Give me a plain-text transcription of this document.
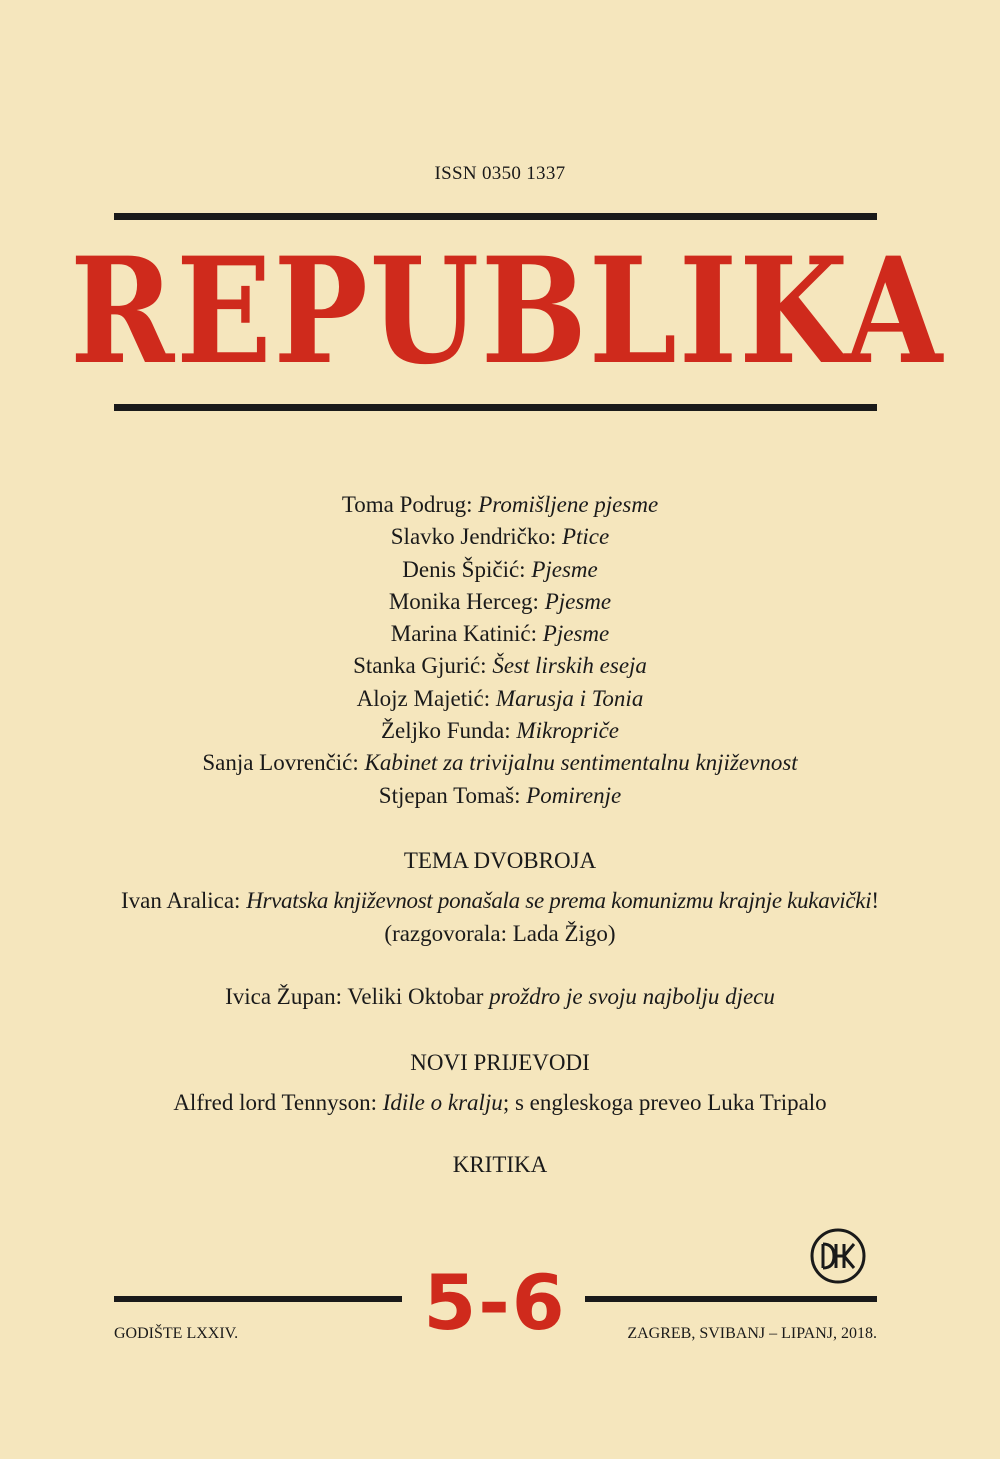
ISSN 0350 1337
REPUBLIKA
Toma Podrug: Promišljene pjesme
Slavko Jendričko: Ptice
Denis Špičić: Pjesme
Monika Herceg: Pjesme
Marina Katinić: Pjesme
Stanka Gjurić: Šest lirskih eseja
Alojz Majetić: Marusja i Tonia
Željko Funda: Mikropriče
Sanja Lovrenčić: Kabinet za trivijalnu sentimentalnu književnost
Stjepan Tomaš: Pomirenje
TEMA DVOBROJA
Ivan Aralica: Hrvatska književnost ponašala se prema komunizmu krajnje kukavički!
(razgovorala: Lada Žigo)
Ivica Župan: Veliki Oktobar proždro je svoju najbolju djecu
NOVI PRIJEVODI
Alfred lord Tennyson: Idile o kralju; s engleskoga preveo Luka Tripalo
KRITIKA
5-6
GODIŠTE LXXIV.	ZAGREB, SVIBANJ – LIPANJ, 2018.
